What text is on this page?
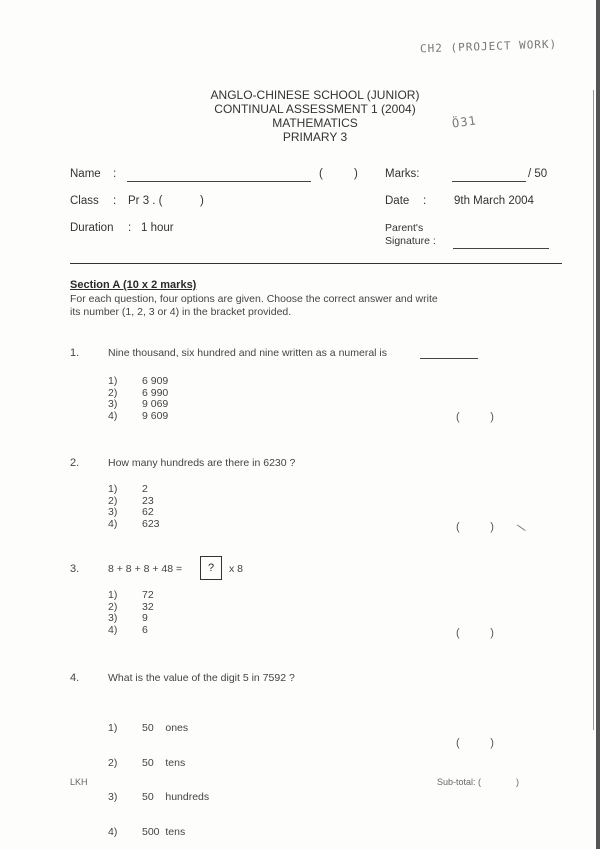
CH2 (PROJECT WORK)
Ö31
ANGLO-CHINESE SCHOOL (JUNIOR)
CONTINUAL ASSESSMENT 1 (2004)
MATHEMATICS
PRIMARY 3
Name :	(	) Marks:	/ 50
Class : Pr 3 . (	)	Date : 9th March 2004
Duration : 1 hour	Parent's
Signature :
Section A (10 x 2 marks)
For each question, four options are given. Choose the correct answer and write
its number (1, 2, 3 or 4) in the bracket provided.
1.	Nine thousand, six hundred and nine written as a numeral is
1) 6 909
2) 6 990
3) 9 069
4) 9 609	(          )
2.	How many hundreds are there in 6230 ?
1) 2
2) 23
3) 62
4) 623	(          ) \
3.	8 + 8 + 8 + 48 =	?	x 8
1) 72
2) 32
3) 9
4) 6	(          )
4.	What is the value of the digit 5 in 7592 ?

1) 50    ones

2) 50    tens

3) 50    hundreds

4) 500  tens

(          )
LKH	Sub-total: (              )
